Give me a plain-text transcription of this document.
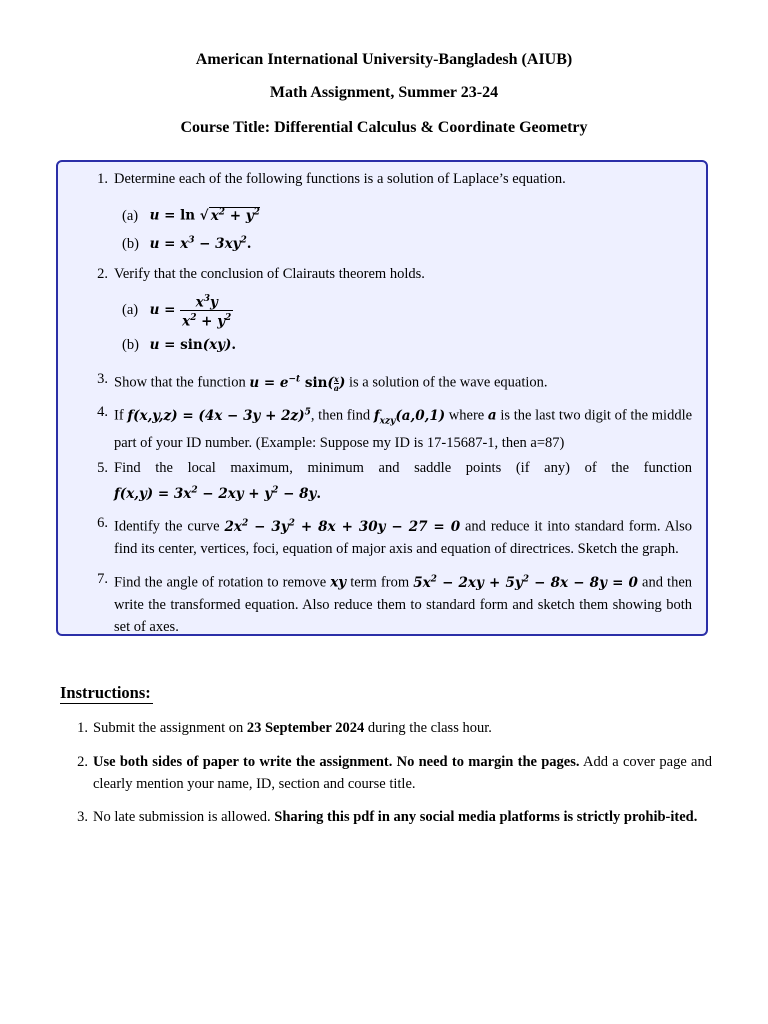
American International University-Bangladesh (AIUB)
Math Assignment, Summer 23-24
Course Title: Differential Calculus & Coordinate Geometry
1. Determine each of the following functions is a solution of Laplace’s equation.
(a) u = ln √ $x^2 + y^2$
(b) $u = x^3 - 3xy^2$.
2. Verify that the conclusion of Clairauts theorem holds.
(a) $u = \frac{x^3y}{x^2 + y^2}$
(b) u = sin(xy).
3. Show that the function $u = e^{-t}$ $\sin( \frac{x}{a}$ ) is a solution of the wave equation.
4. If $f(x,y,z) = (4x - 3y + 2z)^5$, then find $f_{xzy}(a,0,1)$ where a is the last two digit of the middle part of your ID number. (Example: Suppose my ID is 17-15687-1, then a=87)
5. Find the local maximum, minimum and saddle points (if any) of the function
$f(x,y) = 3x^2 - 2xy + y^2 - 8y$.
6. Identify the curve $2x^2 - 3y^2 + 8x + 30y - 27 = 0$ and reduce it into standard form. Also find its center, vertices, foci, equation of major axis and equation of directrices. Sketch the graph.
7. Find the angle of rotation to remove xy term from $5x^2 - 2xy + 5y^2 - 8x - 8y = 0$ and then write the transformed equation. Also reduce them to standard form and sketch them showing both set of axes.
Instructions:
1. Submit the assignment on 23 September 2024 during the class hour.
2. Use both sides of paper to write the assignment. No need to margin the pages. Add a cover page and clearly mention your name, ID, section and course title.
3. No late submission is allowed. Sharing this pdf in any social media platforms is strictly prohib-ited.
